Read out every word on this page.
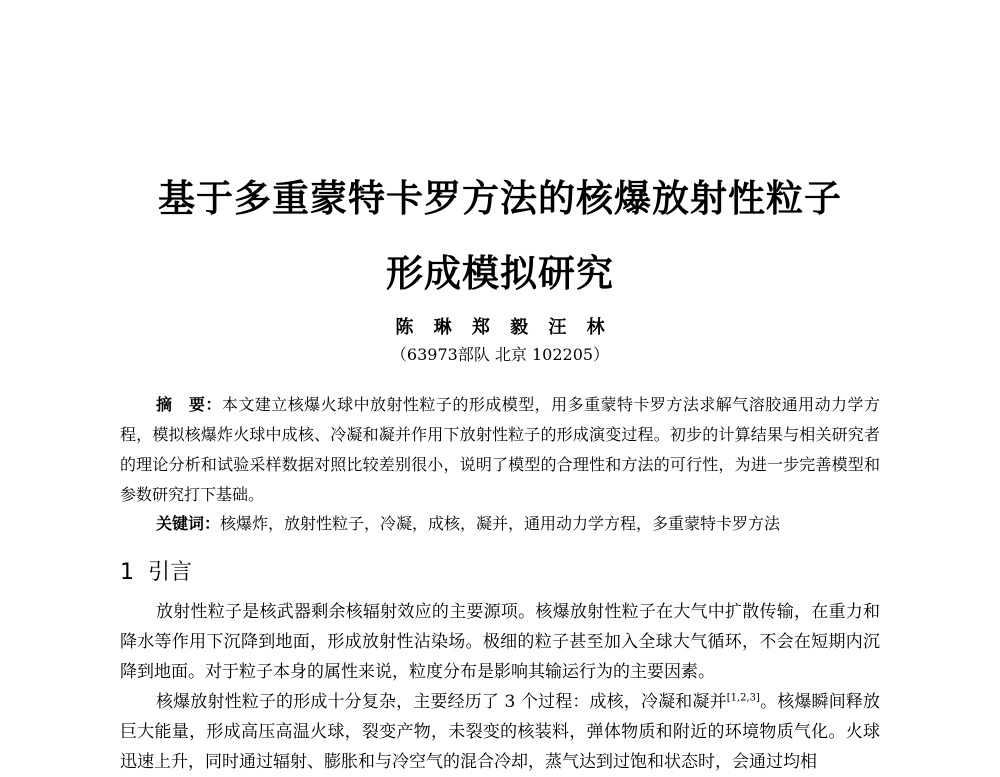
基于多重蒙特卡罗方法的核爆放射性粒子
形成模拟研究
陈 琳 郑 毅 汪 林
（63973部队 北京 102205）
摘　要：本文建立核爆火球中放射性粒子的形成模型，用多重蒙特卡罗方法求解气溶胶通用动力学方程，模拟核爆炸火球中成核、冷凝和凝并作用下放射性粒子的形成演变过程。初步的计算结果与相关研究者的理论分析和试验采样数据对照比较差别很小，说明了模型的合理性和方法的可行性，为进一步完善模型和参数研究打下基础。
关键词：核爆炸，放射性粒子，冷凝，成核，凝并，通用动力学方程，多重蒙特卡罗方法
1 引言

放射性粒子是核武器剩余核辐射效应的主要源项。核爆放射性粒子在大气中扩散传输，在重力和降水等作用下沉降到地面，形成放射性沾染场。极细的粒子甚至加入全球大气循环，不会在短期内沉降到地面。对于粒子本身的属性来说，粒度分布是影响其输运行为的主要因素。

核爆放射性粒子的形成十分复杂，主要经历了 3 个过程：成核，冷凝和凝并[1,2,3]。核爆瞬间释放巨大能量，形成高压高温火球，裂变产物，未裂变的核装料，弹体物质和附近的环境物质气化。火球迅速上升，同时通过辐射、膨胀和与冷空气的混合冷却，蒸气达到过饱和状态时，会通过均相
